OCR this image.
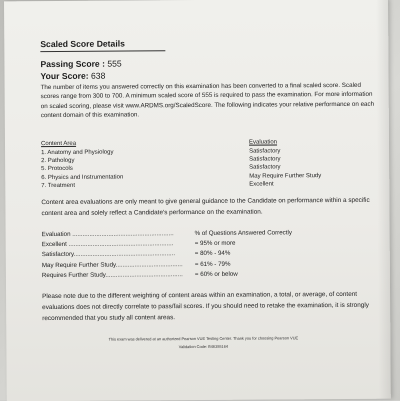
Scaled Score Details
Passing Score : 555
Your Score: 638
The number of items you answered correctly on this examination has been converted to a final scaled score. Scaled scores range from 300 to 700. A minimum scaled score of 555 is required to pass the examination. For more information on scaled scoring, please visit www.ARDMS.org/ScaledScore. The following indicates your relative performance on each content domain of this examination.
Content Area	Evaluation
1. Anatomy and Physiology	Satisfactory
2. Pathology	Satisfactory
5. Protocols	Satisfactory
6. Physics and Instrumentation	May Require Further Study
7. Treatment	Excellent
Content area evaluations are only meant to give general guidance to the Candidate on performance within a specific content area and solely reflect a Candidate's performance on the examination.
Evaluation ...........................................................	% of Questions Answered Correctly
Excellent .............................................................	= 95% or more
Satisfactory...........................................................	= 80% - 94%
May Require Further Study....................................... = 61% - 79%
Requires Further Study............................................. = 60% or below
Please note due to the different weighting of content areas within an examination, a total, or average, of content evaluations does not directly correlate to pass/fail scores. If you should need to retake the examination, it is strongly recommended that you study all content areas.
This exam was delivered at an authorized Pearson VUE Testing Center. Thank you for choosing Pearson VUE
Validation Code: B46355164
